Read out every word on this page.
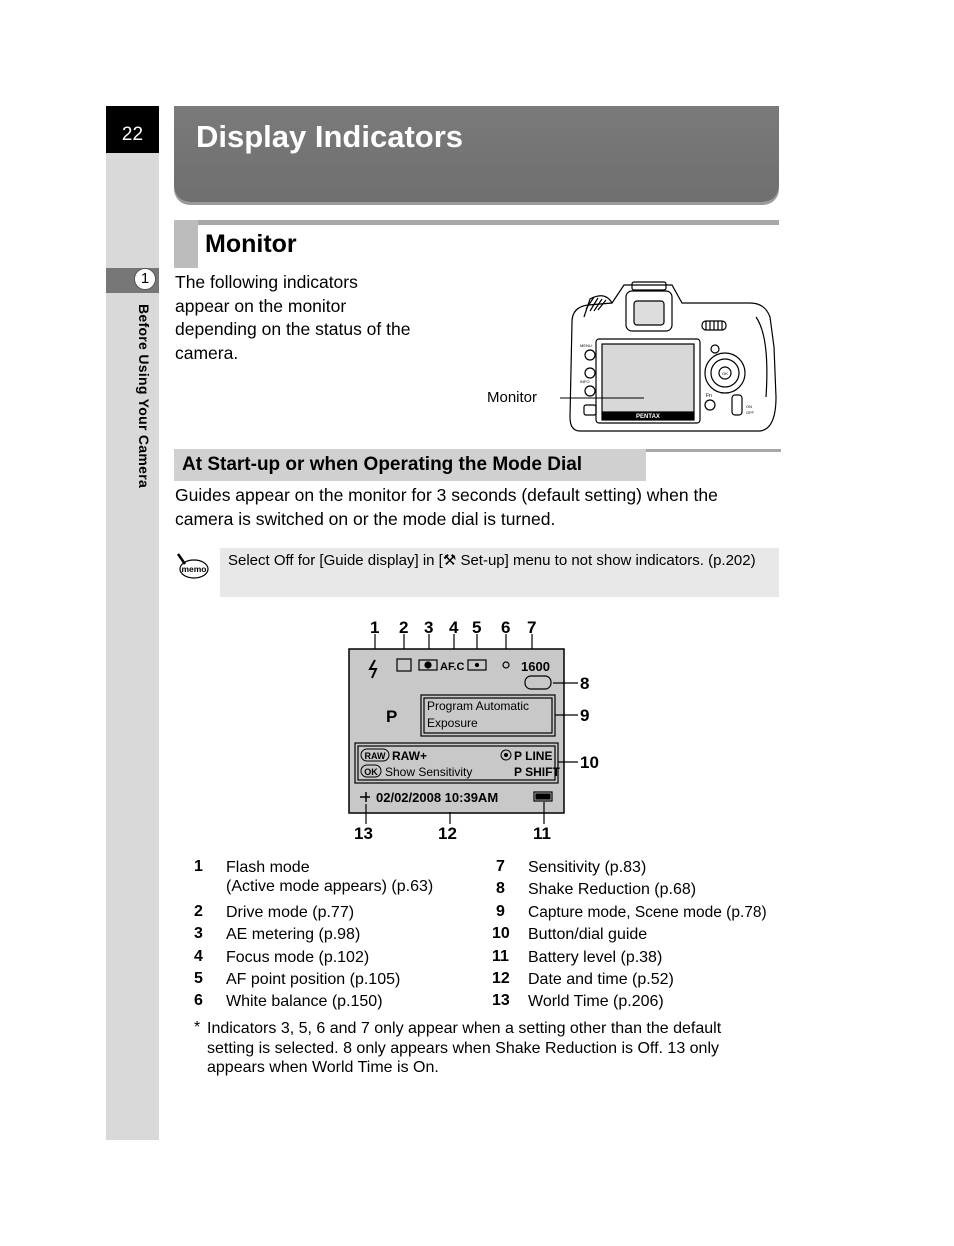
22
1
Before Using Your Camera
Display Indicators
Monitor
The following indicators appear on the monitor depending on the status of the camera.
PENTAX
MENU
INFO
Fn
ON
OFF
OK
Monitor
At Start-up or when Operating the Mode Dial
Guides appear on the monitor for 3 seconds (default setting) when the camera is switched on or the mode dial is turned.
memo Select Off for [Guide display] in [⚒ Set-up] menu to not show indicators. (p.202)
1600
AF.C
P
Program Automatic
Exposure
RAW RAW+
OK Show Sensitivity
P LINE
P SHIFT
02/02/2008 10:39AM
1 2 3 4 5 6 7
8
9
10
11
12
13
1 Flash mode
(Active mode appears) (p.63)
2 Drive mode (p.77)
3 AE metering (p.98)
4 Focus mode (p.102)
5 AF point position (p.105)
6 White balance (p.150)
7 Sensitivity (p.83)
8 Shake Reduction (p.68)
9 Capture mode, Scene mode (p.78)
10 Button/dial guide
11 Battery level (p.38)
12 Date and time (p.52)
13 World Time (p.206)
* Indicators 3, 5, 6 and 7 only appear when a setting other than the default setting is selected. 8 only appears when Shake Reduction is Off. 13 only appears when World Time is On.
